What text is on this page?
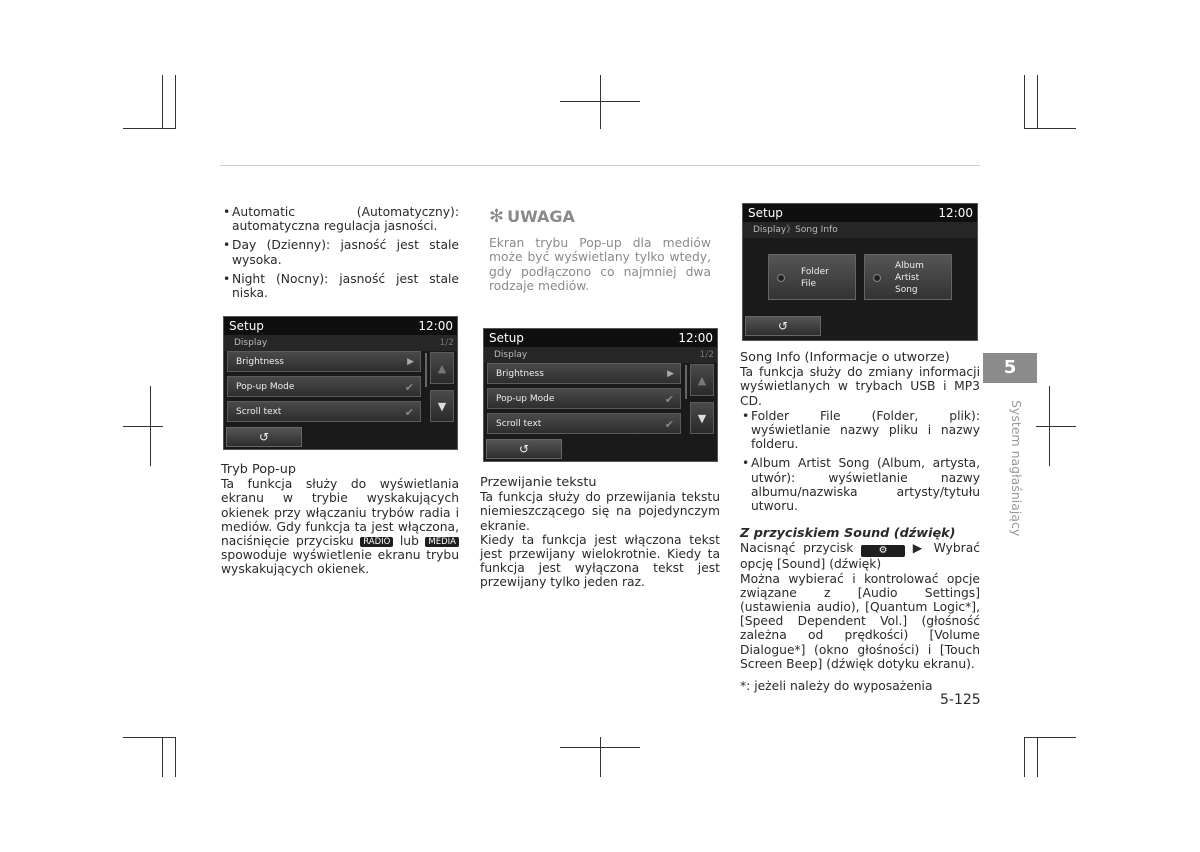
• Automatic (Automatyczny): automatyczna regulacja jasności.
• Day (Dzienny): jasność jest stale wysoka.
• Night (Nocny): jasność jest stale niska.
Setup	12:00
Display	1/2
Brightness	▶
Pop-up Mode	✔
Scroll text	✔
▲
▼
↺

Tryb Pop-up

Ta funkcja służy do wyświetlania ekranu w trybie wyskakujących okienek przy włączaniu trybów radia i mediów. Gdy funkcja ta jest włączona, naciśnięcie przycisku RADIO lub MEDIA spowoduje wyświetlenie ekranu trybu wyskakujących okienek.

✻ UWAGA

Ekran trybu Pop-up dla mediów może być wyświetlany tylko wtedy, gdy podłączono co najmniej dwa rodzaje mediów.

Setup	12:00
Display	1/2
Brightness	▶
Pop-up Mode	✔
Scroll text	✔
▲
▼
↺

Przewijanie tekstu

Ta funkcja służy do przewijania tekstu niemieszczącego się na pojedynczym ekranie.

Kiedy ta funkcja jest włączona tekst jest przewijany wielokrotnie. Kiedy ta funkcja jest wyłączona tekst jest przewijany tylko jeden raz.

Setup	12:00
Display》Song Info
Folder
File
Album
Artist
Song
↺

Song Info (Informacje o utworze)

Ta funkcja służy do zmiany informacji wyświetlanych w trybach USB i MP3 CD.

• Folder File (Folder, plik): wyświetlanie nazwy pliku i nazwy folderu.
• Album Artist Song (Album, artysta, utwór): wyświetlanie nazwy albumu/nazwiska artysty/tytułu utworu.

Z przyciskiem Sound (dźwięk)

Nacisnąć przycisk	⚙ ▶ Wybrać opcję [Sound] (dźwięk)

Można wybierać i kontrolować opcje związane z [Audio Settings] (ustawienia audio), [Quantum Logic*], [Speed Dependent Vol.] (głośność zależna od prędkości) [Volume Dialogue*] (okno głośności) i [Touch Screen Beep] (dźwięk dotyku ekranu).

*: jeżeli należy do wyposażenia

5
System nagłaśniający
5-125
